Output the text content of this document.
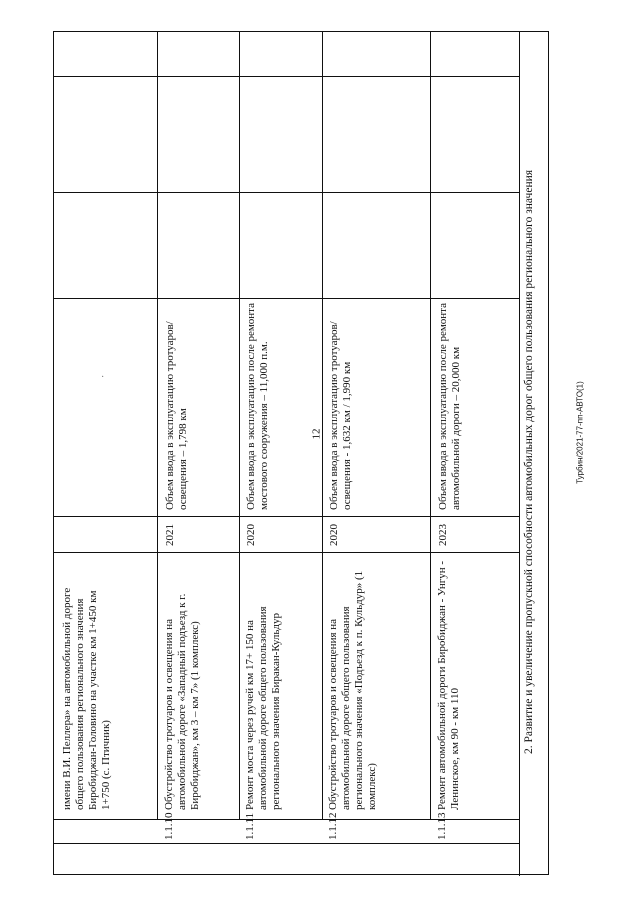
12	Турбин/2021-77-пп-АВТО(1)
имени В.И. Пеллера» на автомобильной дороге общего пользования регионального значения Биробиджан-Головино на участке км 1+450 км 1+750 (с. Птичник)
1.1.10
Обустройство тротуаров и освещения на автомобильной дороге «Западный подъезд к г. Биробиджан», км 3 – км 7» (1 комплекс)
2021
Объем ввода в эксплуатацию тротуаров/освещения – 1,798 км
1.1.11
Ремонт моста через ручей км 17+ 150 на автомобильной дороге общего пользования регионального значения Биракан-Кульдур
2020
Объем ввода в эксплуатацию после ремонта мостового сооружения – 11,000 п.м.
1.1.12
Обустройство тротуаров и освещения на автомобильной дороге общего пользования регионального значения «Подъезд к п. Кульдур» (1 комплекс)
2020
Объем ввода в эксплуатацию тротуаров/освещения - 1,632 км / 1,990 км
1.1.13
Ремонт автомобильной дороги Биробиджан - Унгун - Ленинское, км 90 - км 110
2023
Объем ввода в эксплуатацию после ремонта автомобильной дороги – 20,000 км	2. Развитие и увеличение пропускной способности автомобильных дорог общего пользования регионального значения
·
